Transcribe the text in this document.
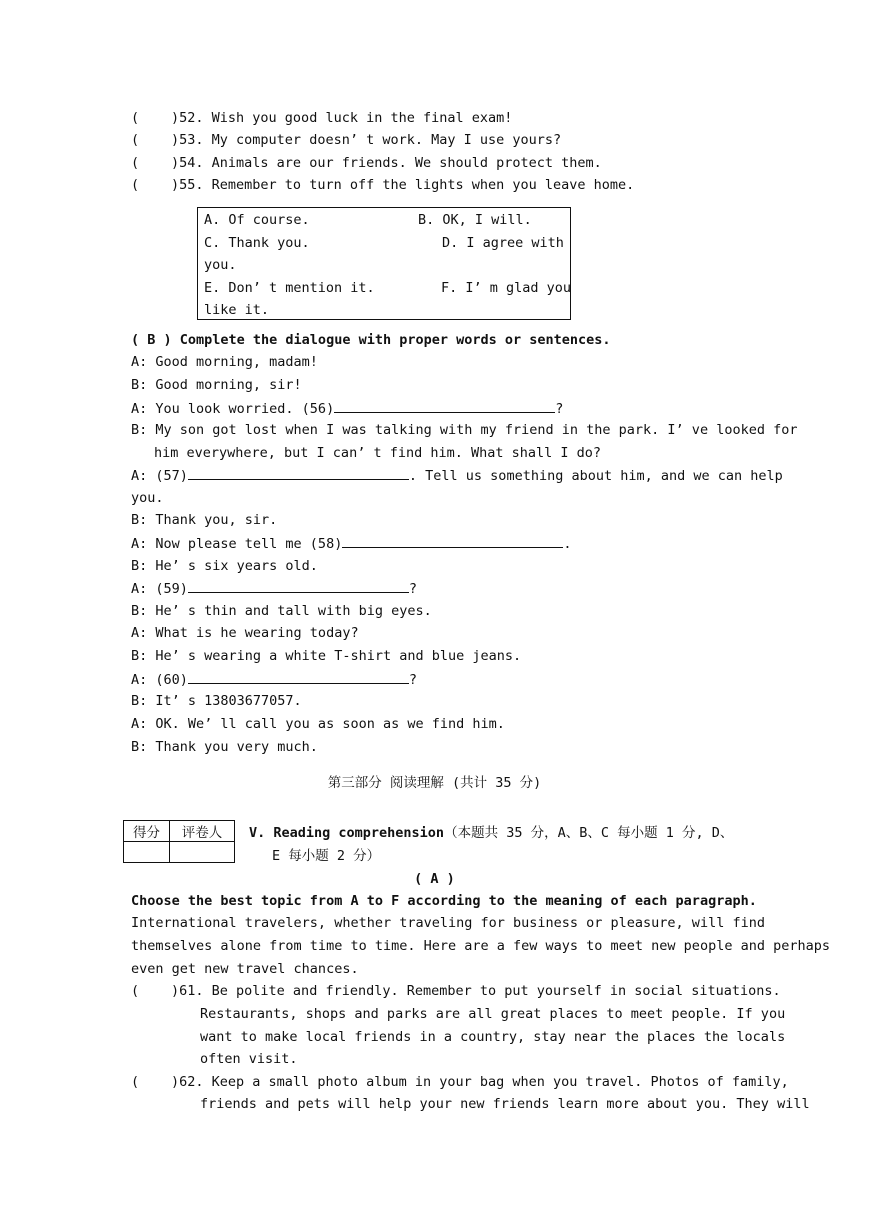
( )52. Wish you good luck in the final exam!
( )53. My computer doesn’ t work. May I use yours?
( )54. Animals are our friends. We should protect them.
( )55. Remember to turn off the lights when you leave home.
A. Of course.	B. OK, I will.
C. Thank you.	D. I agree with
you.
E. Don’ t mention it.	F. I’ m glad you
like it.
( B ) Complete the dialogue with proper words or sentences.
A: Good morning, madam!
B: Good morning, sir!
A: You look worried. (56)	?
B: My son got lost when I was talking with my friend in the park. I’ ve looked for
him everywhere, but I can’ t find him. What shall I do?
A: (57)	. Tell us something about him, and we can help
you.
B: Thank you, sir.
A: Now please tell me (58)	.
B: He’ s six years old.
A: (59)	?
B: He’ s thin and tall with big eyes.
A: What is he wearing today?
B: He’ s wearing a white T-shirt and blue jeans.
A: (60)	?
B: It’ s 13803677057.
A: OK. We’ ll call you as soon as we find him.
B: Thank you very much.
第三部分 阅读理解 (共计 35 分)
得分	评卷人
	V. Reading comprehension（本题共 35 分，A、B、C 每小题 1 分, D、
E 每小题 2 分）
( A )
Choose the best topic from A to F according to the meaning of each paragraph.
International travelers, whether traveling for business or pleasure, will find
themselves alone from time to time. Here are a few ways to meet new people and perhaps
even get new travel chances.
( )61. Be polite and friendly. Remember to put yourself in social situations.
Restaurants, shops and parks are all great places to meet people. If you
want to make local friends in a country, stay near the places the locals
often visit.
( )62. Keep a small photo album in your bag when you travel. Photos of family,
friends and pets will help your new friends learn more about you. They will
